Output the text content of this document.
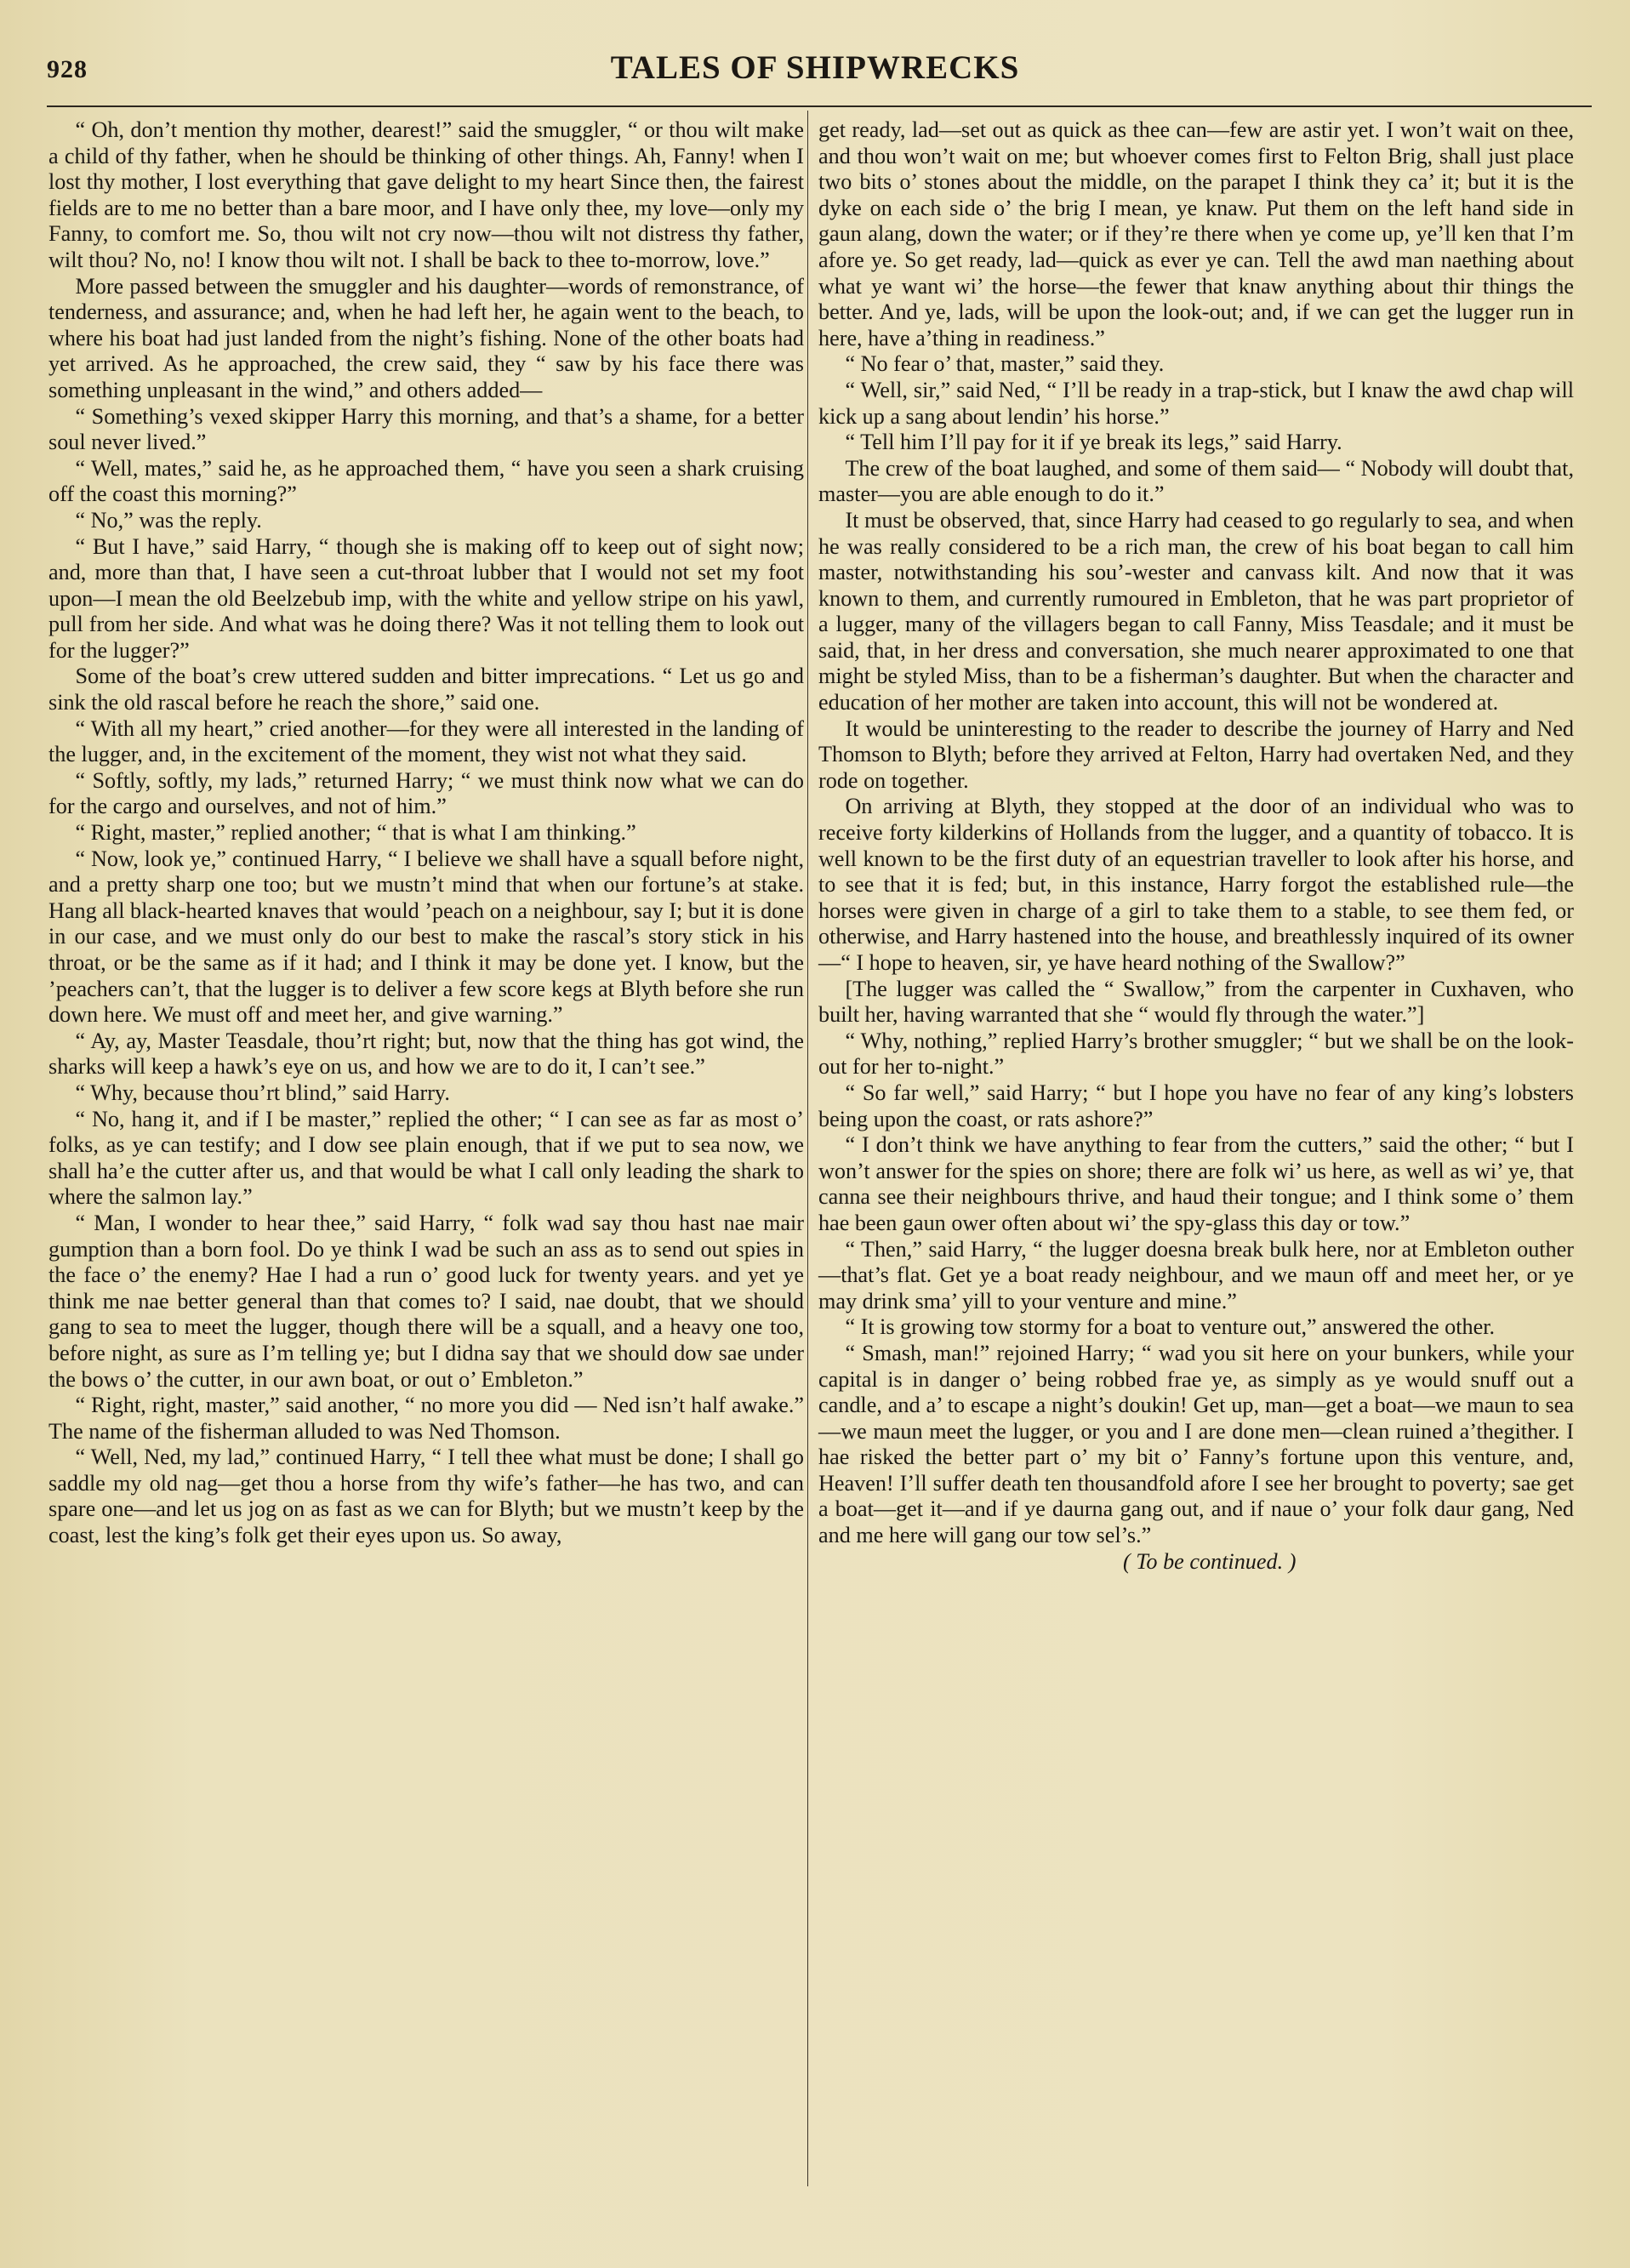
928	TALES OF SHIPWRECKS

“ Oh, don’t mention thy mother, dearest!” said the smuggler, “ or thou wilt make a child of thy father, when he should be thinking of other things. Ah, Fanny! when I lost thy mother, I lost everything that gave delight to my heart Since then, the fairest fields are to me no better than a bare moor, and I have only thee, my love—only my Fanny, to comfort me. So, thou wilt not cry now—thou wilt not distress thy father, wilt thou? No, no! I know thou wilt not. I shall be back to thee to-morrow, love.”

More passed between the smuggler and his daughter—words of remonstrance, of tenderness, and assurance; and, when he had left her, he again went to the beach, to where his boat had just landed from the night’s fishing. None of the other boats had yet arrived. As he approached, the crew said, they “ saw by his face there was something unpleasant in the wind,” and others added—

“ Something’s vexed skipper Harry this morning, and that’s a shame, for a better soul never lived.”

“ Well, mates,” said he, as he approached them, “ have you seen a shark cruising off the coast this morning?”

“ No,” was the reply.

“ But I have,” said Harry, “ though she is making off to keep out of sight now; and, more than that, I have seen a cut-throat lubber that I would not set my foot upon—I mean the old Beelzebub imp, with the white and yellow stripe on his yawl, pull from her side. And what was he doing there? Was it not telling them to look out for the lugger?”

Some of the boat’s crew uttered sudden and bitter imprecations. “ Let us go and sink the old rascal before he reach the shore,” said one.

“ With all my heart,” cried another—for they were all interested in the landing of the lugger, and, in the excitement of the moment, they wist not what they said.

“ Softly, softly, my lads,” returned Harry; “ we must think now what we can do for the cargo and ourselves, and not of him.”

“ Right, master,” replied another; “ that is what I am thinking.”

“ Now, look ye,” continued Harry, “ I believe we shall have a squall before night, and a pretty sharp one too; but we mustn’t mind that when our fortune’s at stake. Hang all black-hearted knaves that would ’peach on a neighbour, say I; but it is done in our case, and we must only do our best to make the rascal’s story stick in his throat, or be the same as if it had; and I think it may be done yet. I know, but the ’peachers can’t, that the lugger is to deliver a few score kegs at Blyth before she run down here. We must off and meet her, and give warning.”

“ Ay, ay, Master Teasdale, thou’rt right; but, now that the thing has got wind, the sharks will keep a hawk’s eye on us, and how we are to do it, I can’t see.”

“ Why, because thou’rt blind,” said Harry.

“ No, hang it, and if I be master,” replied the other; “ I can see as far as most o’ folks, as ye can testify; and I dow see plain enough, that if we put to sea now, we shall ha’e the cutter after us, and that would be what I call only leading the shark to where the salmon lay.”

“ Man, I wonder to hear thee,” said Harry, “ folk wad say thou hast nae mair gumption than a born fool. Do ye think I wad be such an ass as to send out spies in the face o’ the enemy? Hae I had a run o’ good luck for twenty years. and yet ye think me nae better general than that comes to? I said, nae doubt, that we should gang to sea to meet the lugger, though there will be a squall, and a heavy one too, before night, as sure as I’m telling ye; but I didna say that we should dow sae under the bows o’ the cutter, in our awn boat, or out o’ Embleton.”

“ Right, right, master,” said another, “ no more you did — Ned isn’t half awake.” The name of the fisherman alluded to was Ned Thomson.

“ Well, Ned, my lad,” continued Harry, “ I tell thee what must be done; I shall go saddle my old nag—get thou a horse from thy wife’s father—he has two, and can spare one—and let us jog on as fast as we can for Blyth; but we mustn’t keep by the coast, lest the king’s folk get their eyes upon us. So away,

get ready, lad—set out as quick as thee can—few are astir yet. I won’t wait on thee, and thou won’t wait on me; but whoever comes first to Felton Brig, shall just place two bits o’ stones about the middle, on the parapet I think they ca’ it; but it is the dyke on each side o’ the brig I mean, ye knaw. Put them on the left hand side in gaun alang, down the water; or if they’re there when ye come up, ye’ll ken that I’m afore ye. So get ready, lad—quick as ever ye can. Tell the awd man naething about what ye want wi’ the horse—the fewer that knaw anything about thir things the better. And ye, lads, will be upon the look-out; and, if we can get the lugger run in here, have a’thing in readiness.”

“ No fear o’ that, master,” said they.

“ Well, sir,” said Ned, “ I’ll be ready in a trap-stick, but I knaw the awd chap will kick up a sang about lendin’ his horse.”

“ Tell him I’ll pay for it if ye break its legs,” said Harry.

The crew of the boat laughed, and some of them said— “ Nobody will doubt that, master—you are able enough to do it.”

It must be observed, that, since Harry had ceased to go regularly to sea, and when he was really considered to be a rich man, the crew of his boat began to call him master, notwithstanding his sou’-wester and canvass kilt. And now that it was known to them, and currently rumoured in Embleton, that he was part proprietor of a lugger, many of the villagers began to call Fanny, Miss Teasdale; and it must be said, that, in her dress and conversation, she much nearer approximated to one that might be styled Miss, than to be a fisherman’s daughter. But when the character and education of her mother are taken into account, this will not be wondered at.

It would be uninteresting to the reader to describe the journey of Harry and Ned Thomson to Blyth; before they arrived at Felton, Harry had overtaken Ned, and they rode on together.

On arriving at Blyth, they stopped at the door of an individual who was to receive forty kilderkins of Hollands from the lugger, and a quantity of tobacco. It is well known to be the first duty of an equestrian traveller to look after his horse, and to see that it is fed; but, in this instance, Harry forgot the established rule—the horses were given in charge of a girl to take them to a stable, to see them fed, or otherwise, and Harry hastened into the house, and breathlessly inquired of its owner—“ I hope to heaven, sir, ye have heard nothing of the Swallow?”

[The lugger was called the “ Swallow,” from the carpenter in Cuxhaven, who built her, having warranted that she “ would fly through the water.”]

“ Why, nothing,” replied Harry’s brother smuggler; “ but we shall be on the look-out for her to-night.”

“ So far well,” said Harry; “ but I hope you have no fear of any king’s lobsters being upon the coast, or rats ashore?”

“ I don’t think we have anything to fear from the cutters,” said the other; “ but I won’t answer for the spies on shore; there are folk wi’ us here, as well as wi’ ye, that canna see their neighbours thrive, and haud their tongue; and I think some o’ them hae been gaun ower often about wi’ the spy-glass this day or tow.”

“ Then,” said Harry, “ the lugger doesna break bulk here, nor at Embleton outher—that’s flat. Get ye a boat ready neighbour, and we maun off and meet her, or ye may drink sma’ yill to your venture and mine.”

“ It is growing tow stormy for a boat to venture out,” answered the other.

“ Smash, man!” rejoined Harry; “ wad you sit here on your bunkers, while your capital is in danger o’ being robbed frae ye, as simply as ye would snuff out a candle, and a’ to escape a night’s doukin! Get up, man—get a boat—we maun to sea —we maun meet the lugger, or you and I are done men—clean ruined a’thegither. I hae risked the better part o’ my bit o’ Fanny’s fortune upon this venture, and, Heaven! I’ll suffer death ten thousandfold afore I see her brought to poverty; sae get a boat—get it—and if ye daurna gang out, and if naue o’ your folk daur gang, Ned and me here will gang our tow sel’s.”

( To be continued. )
